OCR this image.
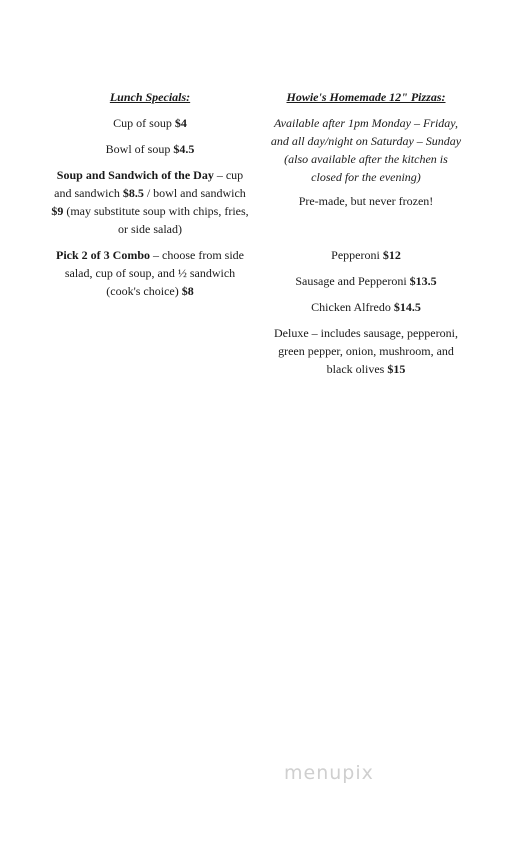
Lunch Specials:

Cup of soup $4
Bowl of soup $4.5
Soup and Sandwich of the Day – cup and sandwich $8.5 / bowl and sandwich $9 (may substitute soup with chips, fries, or side salad)
Pick 2 of 3 Combo – choose from side salad, cup of soup, and ½ sandwich (cook's choice) $8

Howie's Homemade 12" Pizzas:

Available after 1pm Monday – Friday, and all day/night on Saturday – Sunday (also available after the kitchen is closed for the evening)

Pre-made, but never frozen!
Pepperoni $12
Sausage and Pepperoni $13.5
Chicken Alfredo $14.5
Deluxe – includes sausage, pepperoni, green pepper, onion, mushroom, and black olives $15
menupix
